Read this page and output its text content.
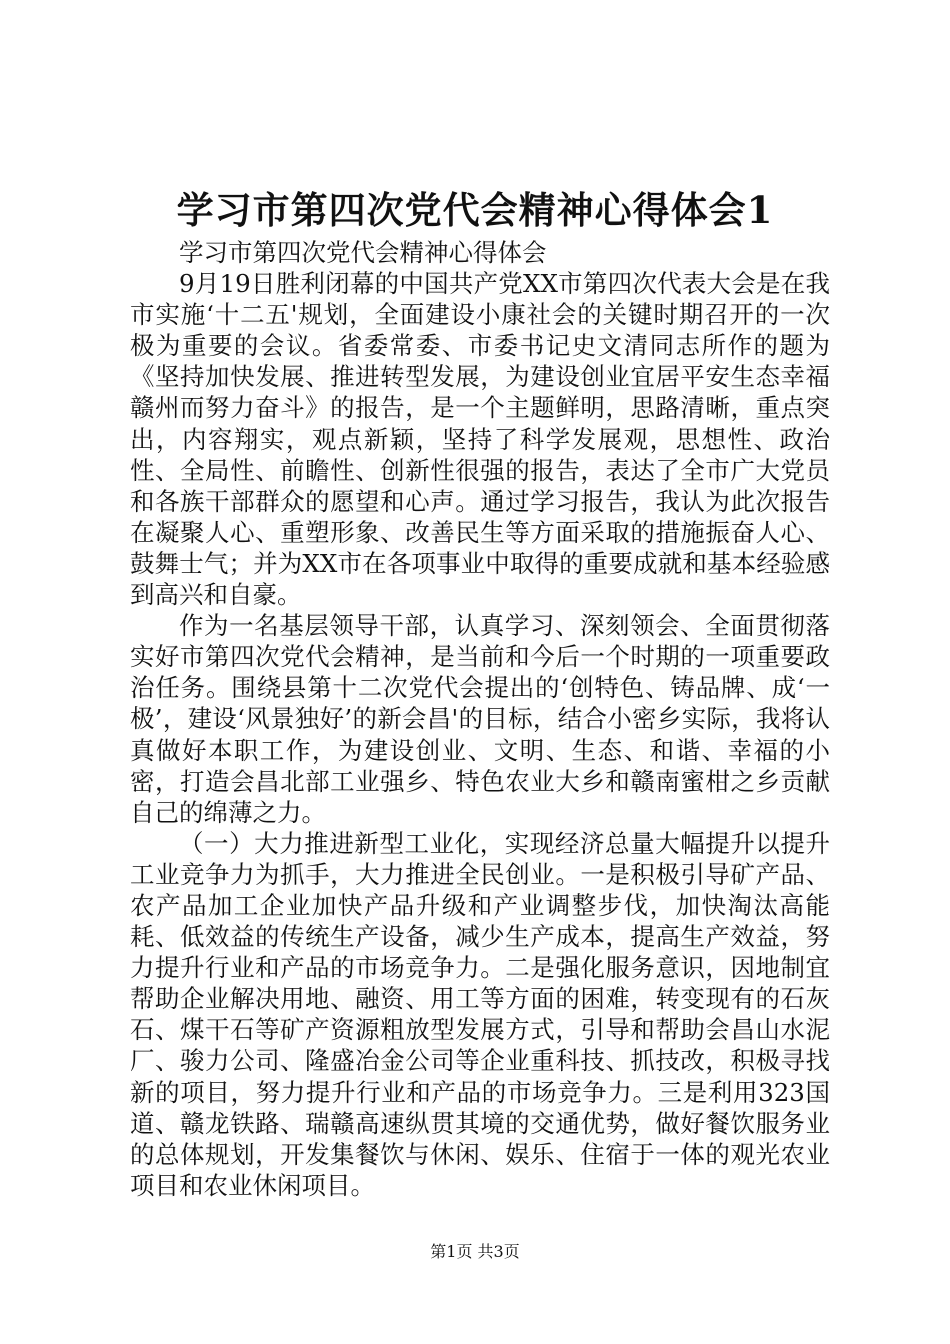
学习市第四次党代会精神心得体会1

学习市第四次党代会精神心得体会

9月19日胜利闭幕的中国共产党XX市第四次代表大会是在我市实施‘十二五'规划，全面建设小康社会的关键时期召开的一次极为重要的会议。省委常委、市委书记史文清同志所作的题为《坚持加快发展、推进转型发展，为建设创业宜居平安生态幸福赣州而努力奋斗》的报告，是一个主题鲜明，思路清晰，重点突出，内容翔实，观点新颖，坚持了科学发展观，思想性、政治性、全局性、前瞻性、创新性很强的报告，表达了全市广大党员和各族干部群众的愿望和心声。通过学习报告，我认为此次报告在凝聚人心、重塑形象、改善民生等方面采取的措施振奋人心、鼓舞士气；并为XX市在各项事业中取得的重要成就和基本经验感到高兴和自豪。

作为一名基层领导干部，认真学习、深刻领会、全面贯彻落实好市第四次党代会精神，是当前和今后一个时期的一项重要政治任务。围绕县第十二次党代会提出的‘创特色、铸品牌、成‘一极’，建设‘风景独好’的新会昌'的目标，结合小密乡实际，我将认真做好本职工作，为建设创业、文明、生态、和谐、幸福的小密，打造会昌北部工业强乡、特色农业大乡和赣南蜜柑之乡贡献自己的绵薄之力。

（一）大力推进新型工业化，实现经济总量大幅提升以提升工业竞争力为抓手，大力推进全民创业。一是积极引导矿产品、农产品加工企业加快产品升级和产业调整步伐，加快淘汰高能耗、低效益的传统生产设备，减少生产成本，提高生产效益，努力提升行业和产品的市场竞争力。二是强化服务意识，因地制宜帮助企业解决用地、融资、用工等方面的困难，转变现有的石灰石、煤干石等矿产资源粗放型发展方式，引导和帮助会昌山水泥厂、骏力公司、隆盛冶金公司等企业重科技、抓技改，积极寻找新的项目，努力提升行业和产品的市场竞争力。三是利用323国道、赣龙铁路、瑞赣高速纵贯其境的交通优势，做好餐饮服务业的总体规划，开发集餐饮与休闲、娱乐、住宿于一体的观光农业项目和农业休闲项目。

第1页 共3页
